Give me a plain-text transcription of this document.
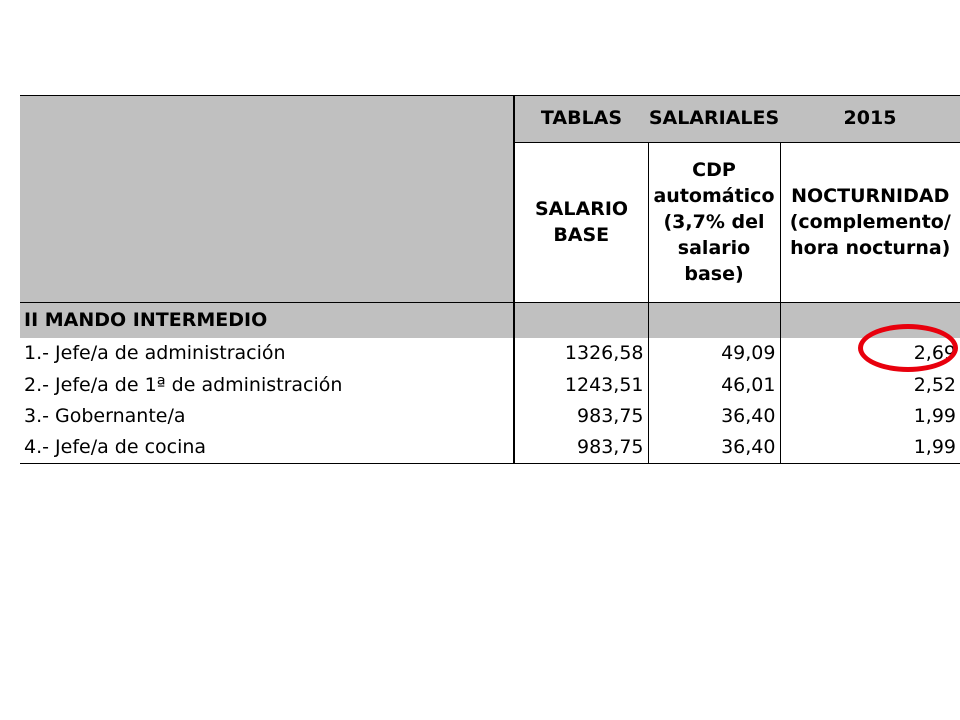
	TABLAS	SALARIALES	2015
	SALARIO BASE	CDP automático (3,7% del salario base)	NOCTURNIDAD (complemento/ hora nocturna)
II MANDO INTERMEDIO			
1.- Jefe/a de administración	1326,58	49,09	2,69
2.- Jefe/a de 1ª de administración	1243,51	46,01	2,52
3.- Gobernante/a	983,75	36,40	1,99
4.- Jefe/a de cocina	983,75	36,40	1,99
